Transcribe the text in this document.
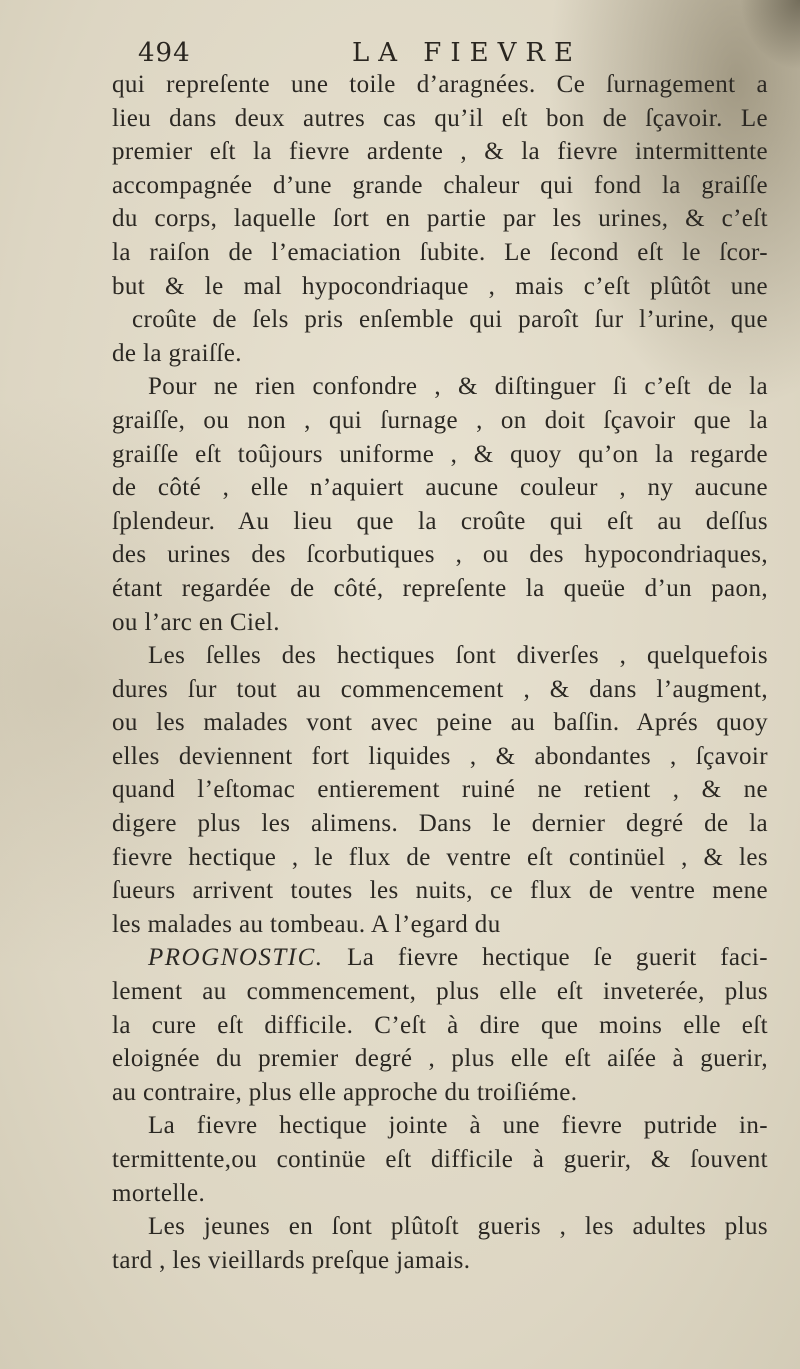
494	LA FIEVRE
qui repreſente une toile d’aragnées. Ce ſurnagement a
lieu dans deux autres cas qu’il eſt bon de ſçavoir. Le
premier eſt la fievre ardente , & la fievre intermittente
accompagnée d’une grande chaleur qui fond la graiſſe
du corps, laquelle ſort en partie par les urines, & c’eſt
la raiſon de l’emaciation ſubite. Le ſecond eſt le ſcor-
but & le mal hypocondriaque , mais c’eſt plûtôt une
croûte de ſels pris enſemble qui paroît ſur l’urine, que
de la graiſſe.
Pour ne rien confondre , & diſtinguer ſi c’eſt de la
graiſſe, ou non , qui ſurnage , on doit ſçavoir que la
graiſſe eſt toûjours uniforme , & quoy qu’on la regarde
de côté , elle n’aquiert aucune couleur , ny aucune
ſplendeur. Au lieu que la croûte qui eſt au deſſus
des urines des ſcorbutiques , ou des hypocondriaques,
étant regardée de côté, repreſente la queüe d’un paon,
ou l’arc en Ciel.
Les ſelles des hectiques ſont diverſes , quelquefois
dures ſur tout au commencement , & dans l’augment,
ou les malades vont avec peine au baſſin. Aprés quoy
elles deviennent fort liquides , & abondantes , ſçavoir
quand l’eſtomac entierement ruiné ne retient , & ne
digere plus les alimens. Dans le dernier degré de la
fievre hectique , le flux de ventre eſt continüel , & les
ſueurs arrivent toutes les nuits, ce flux de ventre mene
les malades au tombeau. A l’egard du
PROGNOSTIC. La fievre hectique ſe guerit faci-
lement au commencement, plus elle eſt inveterée, plus
la cure eſt difficile. C’eſt à dire que moins elle eſt
eloignée du premier degré , plus elle eſt aiſée à guerir,
au contraire, plus elle approche du troiſiéme.
La fievre hectique jointe à une fievre putride in-
termittente,ou continüe eſt difficile à guerir, & ſouvent
mortelle.
Les jeunes en ſont plûtoſt gueris , les adultes plus
tard , les vieillards preſque jamais.
